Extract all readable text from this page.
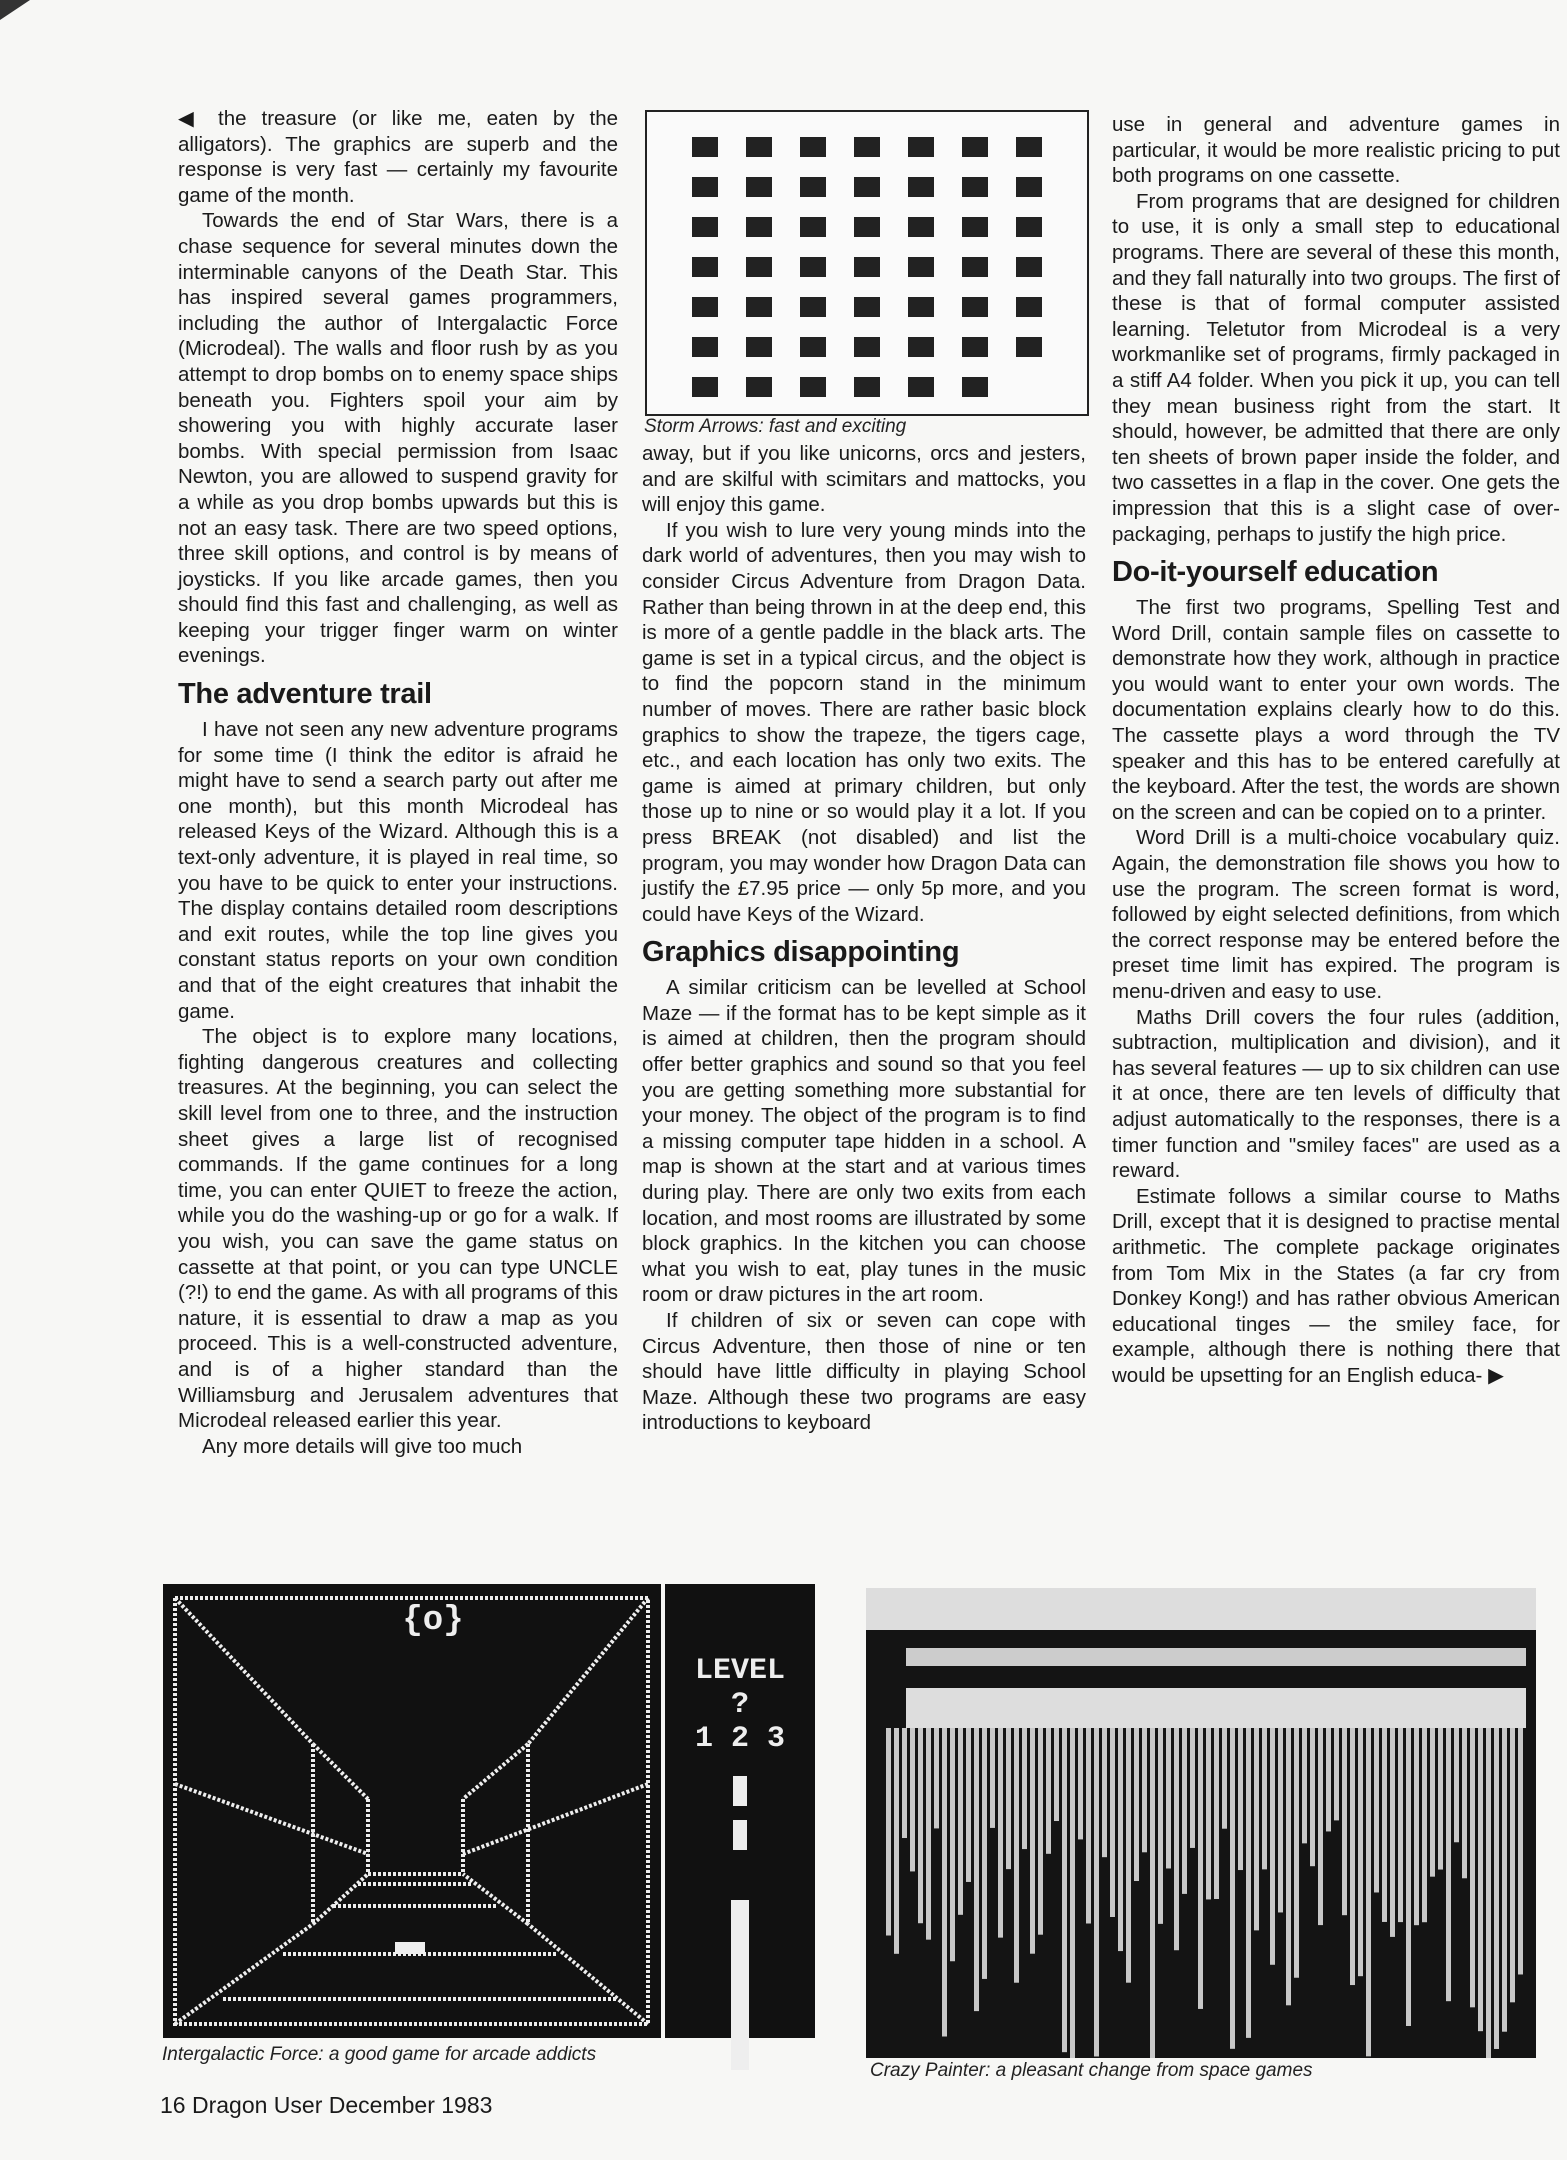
◀ the treasure (or like me, eaten by the alligators). The graphics are superb and the response is very fast — certainly my favourite game of the month.

Towards the end of Star Wars, there is a chase sequence for several minutes down the interminable canyons of the Death Star. This has inspired several games programmers, including the author of Intergalactic Force (Microdeal). The walls and floor rush by as you attempt to drop bombs on to enemy space ships beneath you. Fighters spoil your aim by showering you with highly accurate laser bombs. With special permission from Isaac Newton, you are allowed to suspend gravity for a while as you drop bombs upwards but this is not an easy task. There are two speed options, three skill options, and control is by means of joysticks. If you like arcade games, then you should find this fast and challenging, as well as keeping your trigger finger warm on winter evenings.

The adventure trail

I have not seen any new adventure programs for some time (I think the editor is afraid he might have to send a search party out after me one month), but this month Microdeal has released Keys of the Wizard. Although this is a text-only adventure, it is played in real time, so you have to be quick to enter your instructions. The display contains detailed room descriptions and exit routes, while the top line gives you constant status reports on your own condition and that of the eight creatures that inhabit the game.

The object is to explore many locations, fighting dangerous creatures and collecting treasures. At the beginning, you can select the skill level from one to three, and the instruction sheet gives a large list of recognised commands. If the game continues for a long time, you can enter QUIET to freeze the action, while you do the washing-up or go for a walk. If you wish, you can save the game status on cassette at that point, or you can type UNCLE (?!) to end the game. As with all programs of this nature, it is essential to draw a map as you proceed. This is a well-constructed adventure, and is of a higher standard than the Williamsburg and Jerusalem adventures that Microdeal released earlier this year.

Any more details will give too much

Storm Arrows: fast and exciting

away, but if you like unicorns, orcs and jesters, and are skilful with scimitars and mattocks, you will enjoy this game.

If you wish to lure very young minds into the dark world of adventures, then you may wish to consider Circus Adventure from Dragon Data. Rather than being thrown in at the deep end, this is more of a gentle paddle in the black arts. The game is set in a typical circus, and the object is to find the popcorn stand in the minimum number of moves. There are rather basic block graphics to show the trapeze, the tigers cage, etc., and each location has only two exits. The game is aimed at primary children, but only those up to nine or so would play it a lot. If you press BREAK (not disabled) and list the program, you may wonder how Dragon Data can justify the £7.95 price — only 5p more, and you could have Keys of the Wizard.

Graphics disappointing

A similar criticism can be levelled at School Maze — if the format has to be kept simple as it is aimed at children, then the program should offer better graphics and sound so that you feel you are getting something more substantial for your money. The object of the program is to find a missing computer tape hidden in a school. A map is shown at the start and at various times during play. There are only two exits from each location, and most rooms are illustrated by some block graphics. In the kitchen you can choose what you wish to eat, play tunes in the music room or draw pictures in the art room.

If children of six or seven can cope with Circus Adventure, then those of nine or ten should have little difficulty in playing School Maze. Although these two programs are easy introductions to keyboard

use in general and adventure games in particular, it would be more realistic pricing to put both programs on one cassette.

From programs that are designed for children to use, it is only a small step to educational programs. There are several of these this month, and they fall naturally into two groups. The first of these is that of formal computer assisted learning. Teletutor from Microdeal is a very workmanlike set of programs, firmly packaged in a stiff A4 folder. When you pick it up, you can tell they mean business right from the start. It should, however, be admitted that there are only ten sheets of brown paper inside the folder, and two cassettes in a flap in the cover. One gets the impression that this is a slight case of over-packaging, perhaps to justify the high price.

Do-it-yourself education

The first two programs, Spelling Test and Word Drill, contain sample files on cassette to demonstrate how they work, although in practice you would want to enter your own words. The documentation explains clearly how to do this. The cassette plays a word through the TV speaker and this has to be entered carefully at the keyboard. After the test, the words are shown on the screen and can be copied on to a printer.

Word Drill is a multi-choice vocabulary quiz. Again, the demonstration file shows you how to use the program. The screen format is word, followed by eight selected definitions, from which the correct response may be entered before the preset time limit has expired. The program is menu-driven and easy to use.

Maths Drill covers the four rules (addition, subtraction, multiplication and division), and it has several features — up to six children can use it at once, there are ten levels of difficulty that adjust automatically to the responses, there is a timer function and "smiley faces" are used as a reward.

Estimate follows a similar course to Maths Drill, except that it is designed to practise mental arithmetic. The complete package originates from Tom Mix in the States (a far cry from Donkey Kong!) and has rather obvious American educational tinges — the smiley face, for example, although there is nothing there that would be upsetting for an English educa- ▶

{o}
LEVEL
?
1 2 3
Intergalactic Force: a good game for arcade addicts
Crazy Painter: a pleasant change from space games
16 Dragon User December 1983
